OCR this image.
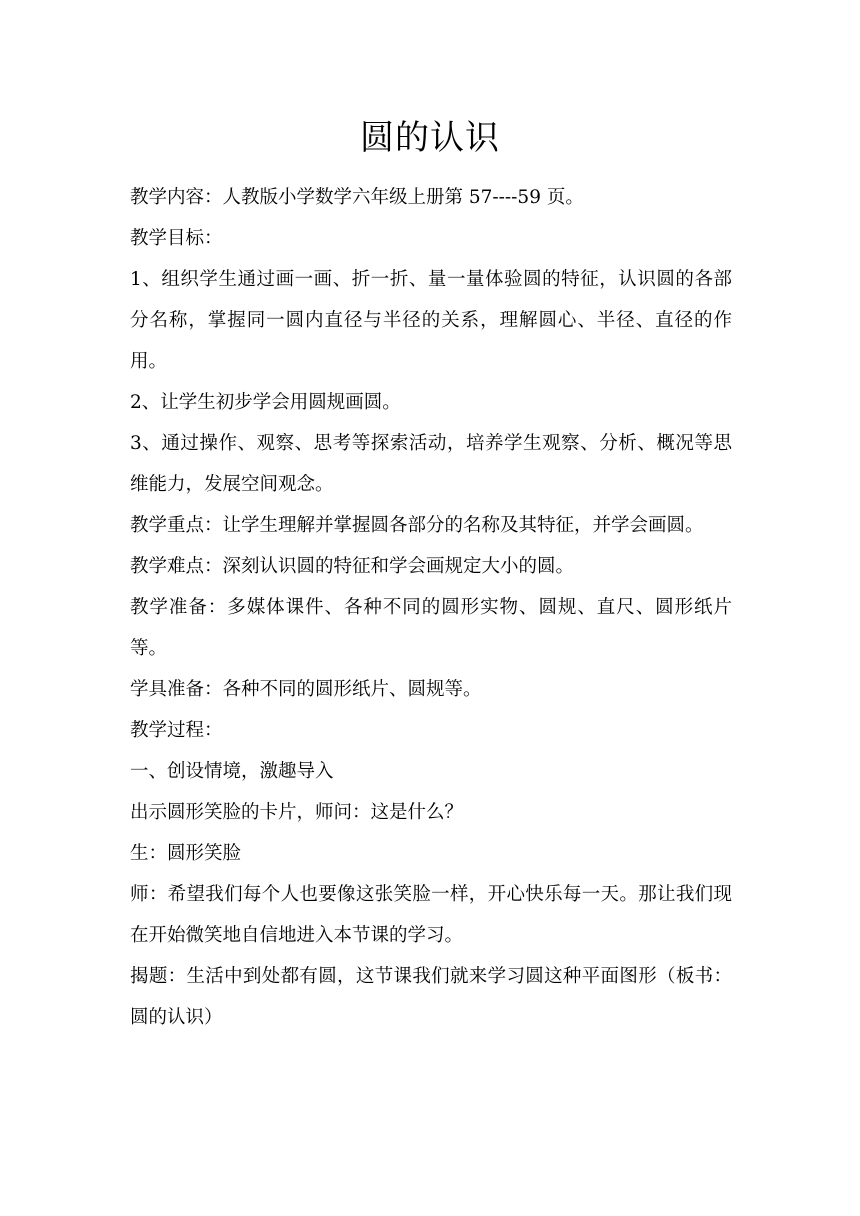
圆的认识

教学内容：人教版小学数学六年级上册第 57----59 页。

教学目标：

1、组织学生通过画一画、折一折、量一量体验圆的特征，认识圆的各部分名称，掌握同一圆内直径与半径的关系，理解圆心、半径、直径的作用。

2、让学生初步学会用圆规画圆。

3、通过操作、观察、思考等探索活动，培养学生观察、分析、概况等思维能力，发展空间观念。

教学重点：让学生理解并掌握圆各部分的名称及其特征，并学会画圆。

教学难点：深刻认识圆的特征和学会画规定大小的圆。

教学准备：多媒体课件、各种不同的圆形实物、圆规、直尺、圆形纸片等。

学具准备：各种不同的圆形纸片、圆规等。

教学过程：

一、创设情境，激趣导入

出示圆形笑脸的卡片，师问：这是什么？

生：圆形笑脸

师：希望我们每个人也要像这张笑脸一样，开心快乐每一天。那让我们现在开始微笑地自信地进入本节课的学习。

揭题：生活中到处都有圆，这节课我们就来学习圆这种平面图形（板书：圆的认识）
